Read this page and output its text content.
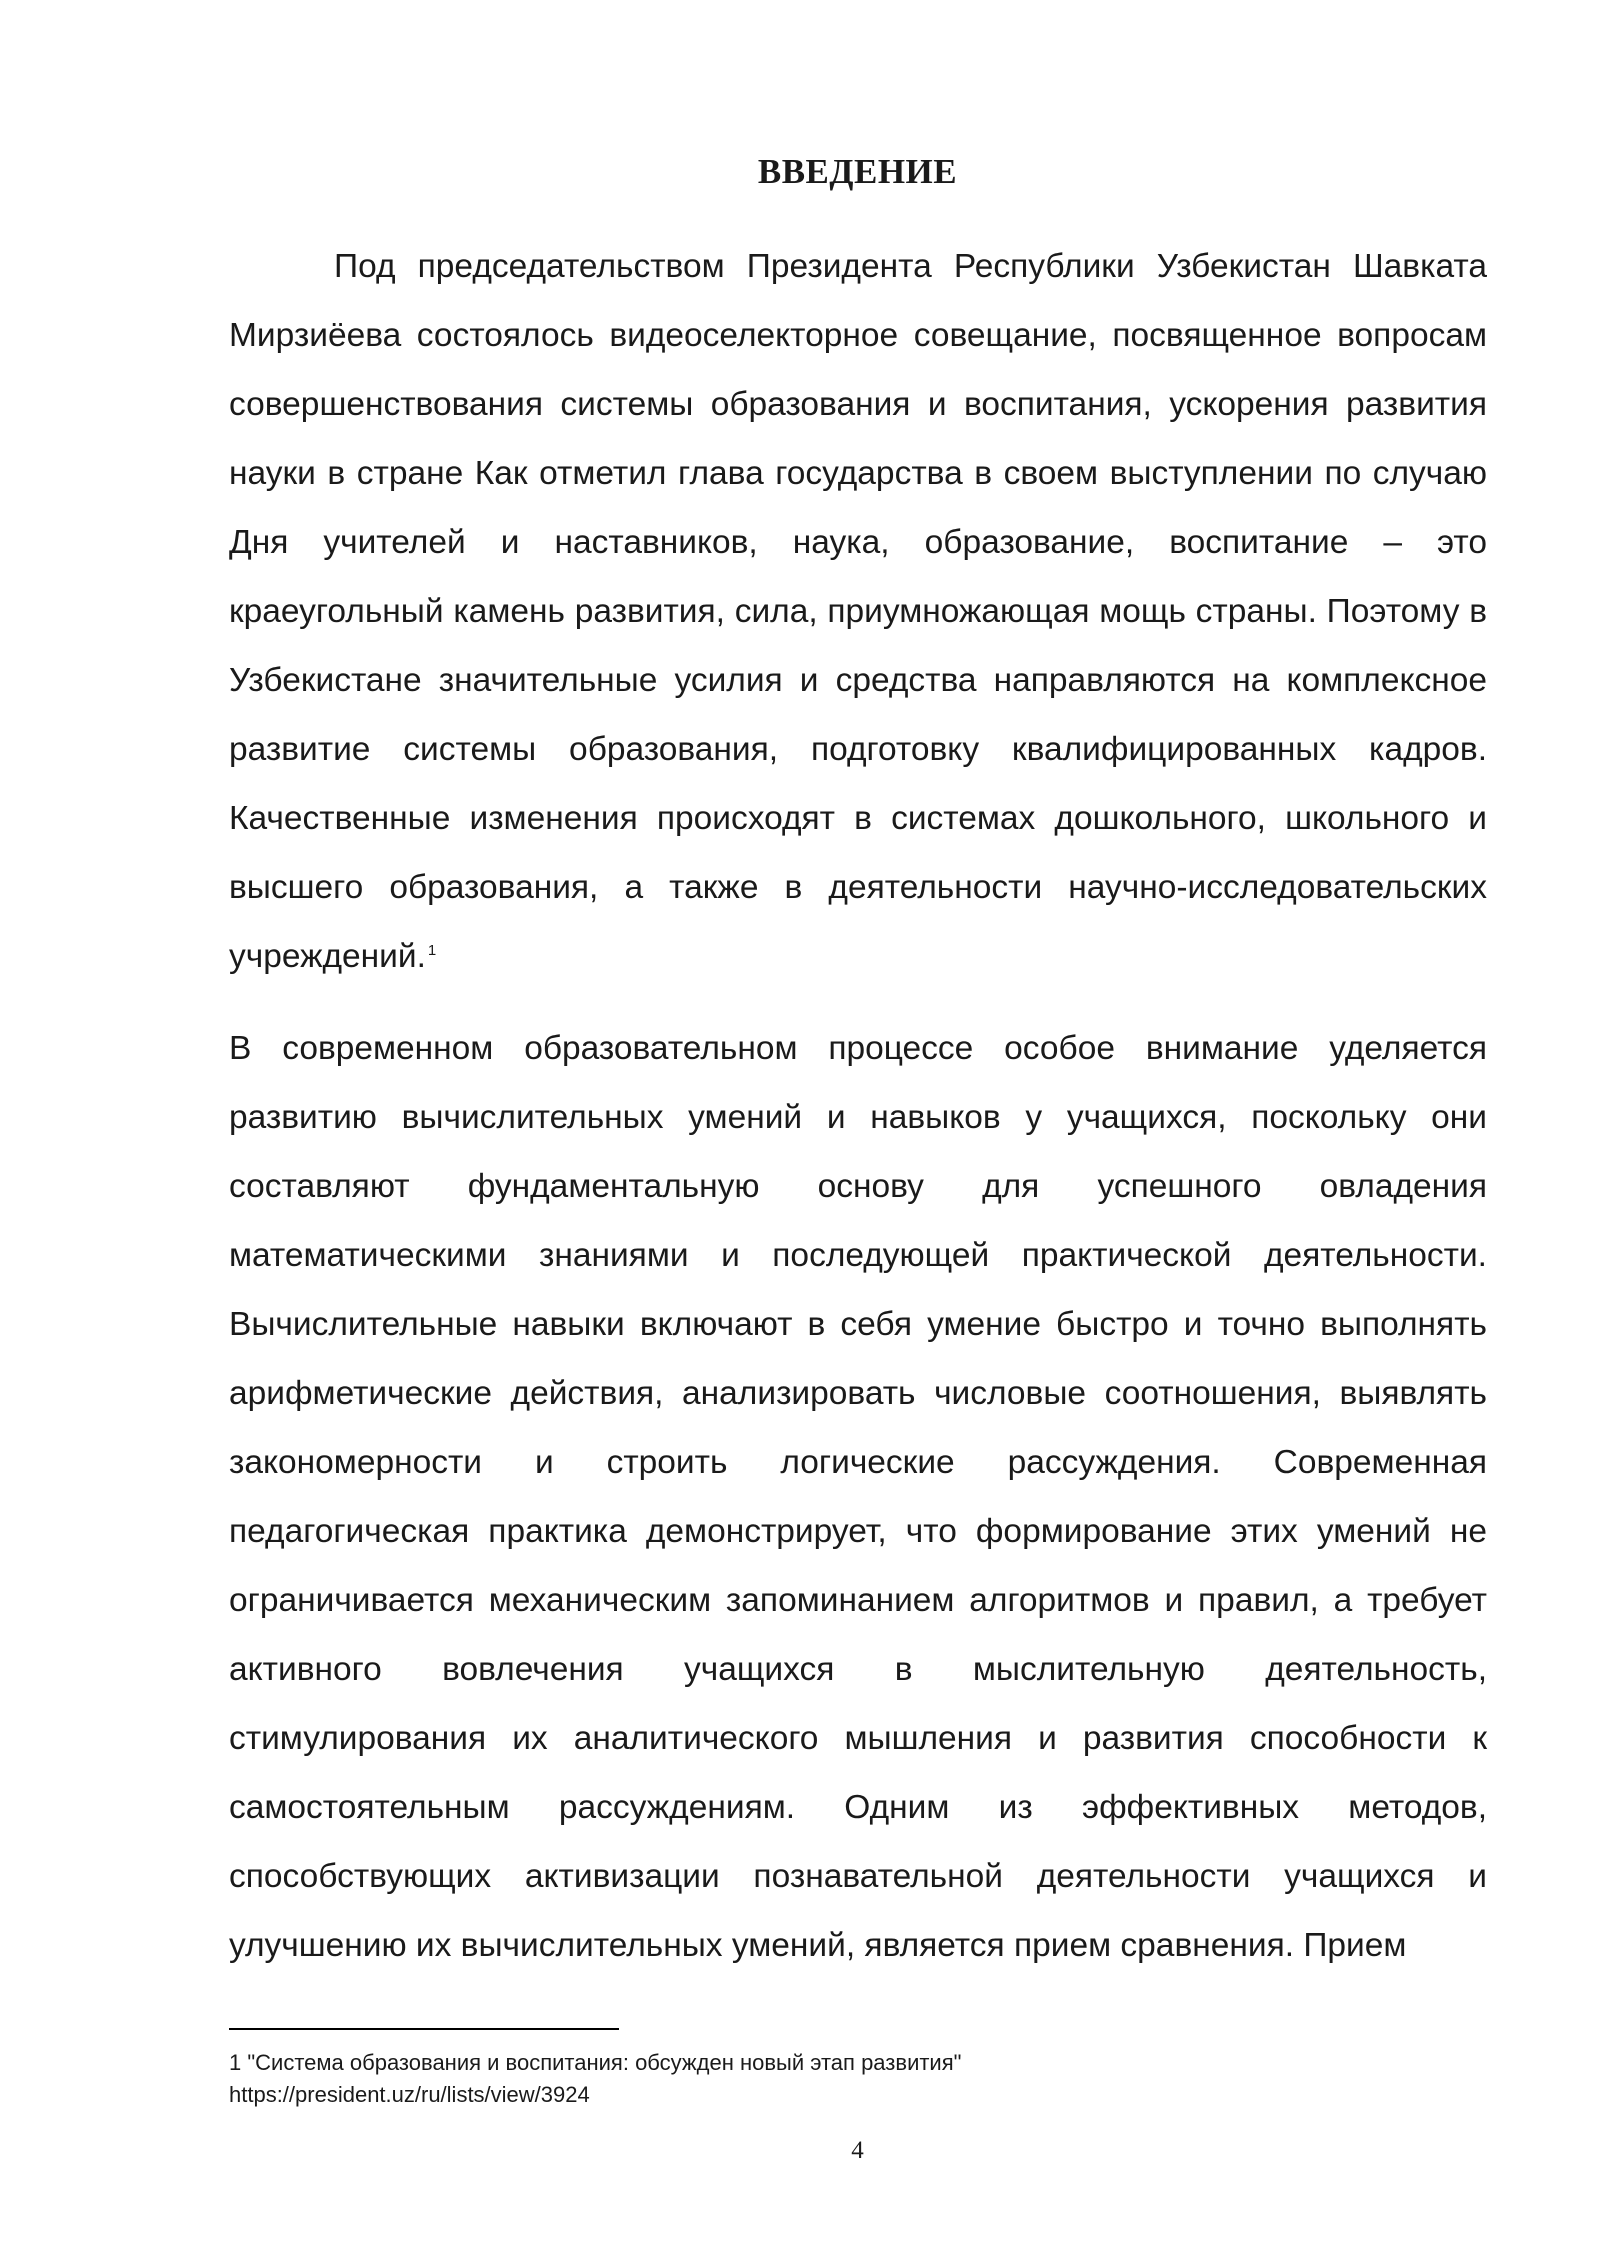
ВВЕДЕНИЕ

Под председательством Президента Республики Узбекистан Шавката Мирзиёева состоялось видеоселекторное совещание, посвященное вопросам совершенствования системы образования и воспитания, ускорения развития науки в стране Как отметил глава государства в своем выступлении по случаю Дня учителей и наставников, наука, образование, воспитание – это краеугольный камень развития, сила, приумножающая мощь страны. Поэтому в Узбекистане значительные усилия и средства направляются на комплексное развитие системы образования, подготовку квалифицированных кадров. Качественные изменения происходят в системах дошкольного, школьного и высшего образования, а также в деятельности научно-исследовательских учреждений. $^1$

В современном образовательном процессе особое внимание уделяется развитию вычислительных умений и навыков у учащихся, поскольку они составляют фундаментальную основу для успешного овладения математическими знаниями и последующей практической деятельности. Вычислительные навыки включают в себя умение быстро и точно выполнять арифметические действия, анализировать числовые соотношения, выявлять закономерности и строить логические рассуждения. Современная педагогическая практика демонстрирует, что формирование этих умений не ограничивается механическим запоминанием алгоритмов и правил, а требует активного вовлечения учащихся в мыслительную деятельность, стимулирования их аналитического мышления и развития способности к самостоятельным рассуждениям. Одним из эффективных методов, способствующих активизации познавательной деятельности учащихся и улучшению их вычислительных умений, является прием сравнения. Прием

1 "Система образования и воспитания: обсужден новый этап развития"
https://president.uz/ru/lists/view/3924

4
